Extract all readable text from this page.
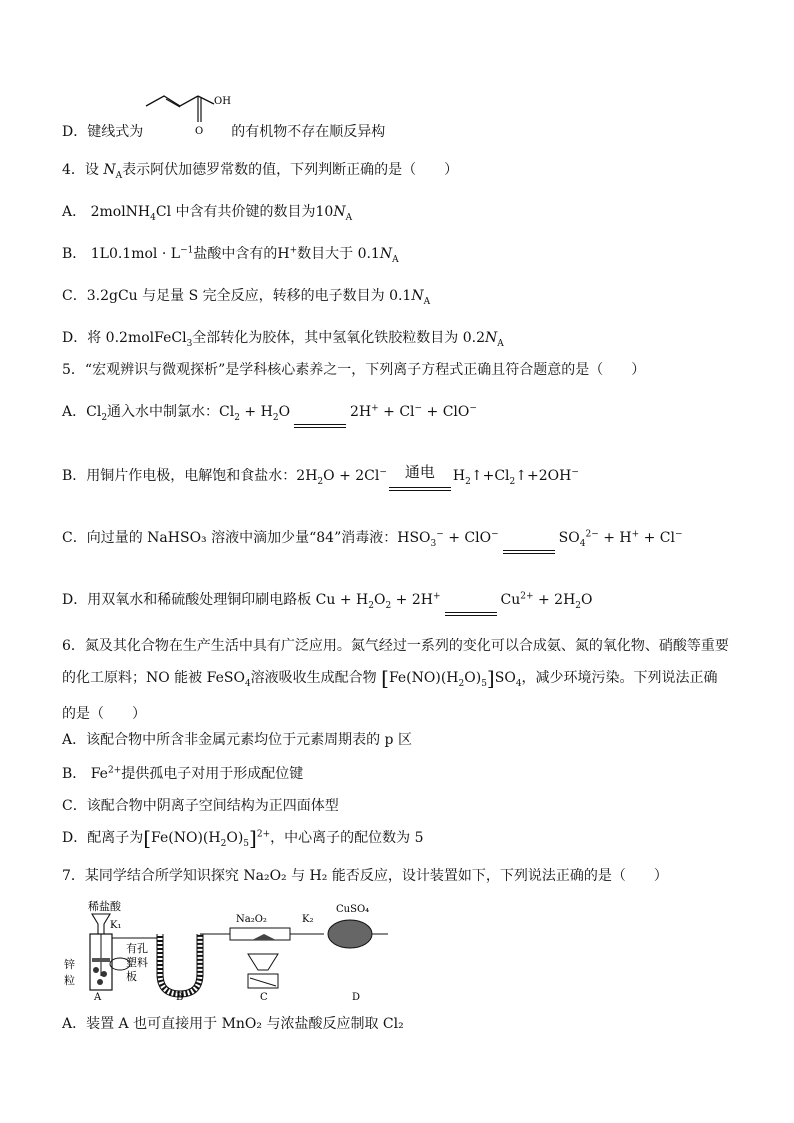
OH
O
D．键线式为	的有机物不存在顺反异构
4．设 $N_A$表示阿伏加德罗常数的值，下列判断正确的是（　　）
A． 2molNH$_4$Cl 中含有共价键的数目为$10N_A$
B． $1L0.1mol \cdot L^{-1}$盐酸中含有的H+数目大于 $0.1N_A$
C．3.2gCu 与足量 S 完全反应，转移的电子数目为 $0.1N_A$
D．将 0.2molFeCl$_3$全部转化为胶体，其中氢氧化铁胶粒数目为 $0.2N_A$
5．“宏观辨识与微观探析”是学科核心素养之一，下列离子方程式正确且符合题意的是（　　）
A．$Cl_2$通入水中制氯水：$Cl_2 + H_2O$	2H+ + Cl− + ClO−
B．用铜片作电极，电解饱和食盐水：$2H_2O + 2Cl^-$	通电	$H_2↑+Cl_2↑+2OH^-$
C．向过量的 NaHSO₃ 溶液中滴加少量“84”消毒液：$HSO_3^- + ClO^-$	$SO_4^{2-} + H^+ + Cl^-$
D．用双氧水和稀硫酸处理铜印刷电路板 $Cu + H_2O_2 + 2H^+$	$Cu^{2+} + 2H_2O$
6．氮及其化合物在生产生活中具有广泛应用。氮气经过一系列的变化可以合成氨、氮的氧化物、硝酸等重要
的化工原料；NO 能被 FeSO$_4$溶液吸收生成配合物 $[Fe(NO)(H_2O)_5]SO_4$，减少环境污染。下列说法正确
的是（　　）
A．该配合物中所含非金属元素均位于元素周期表的 p 区
B． $Fe^{2+}$提供孤电子对用于形成配位键
C．该配合物中阴离子空间结构为正四面体型
D．配离子为$[Fe(NO)(H_2O)_5]^{2+}$，中心离子的配位数为 5
7．某同学结合所学知识探究 Na₂O₂ 与 H₂ 能否反应，设计装置如下，下列说法正确的是（　　）
稀盐酸
K₁
锌
粒
有孔
塑料
板
Na₂O₂	K₂
CuSO₄
A	B	C	D
A．装置 A 也可直接用于 MnO₂ 与浓盐酸反应制取 Cl₂
